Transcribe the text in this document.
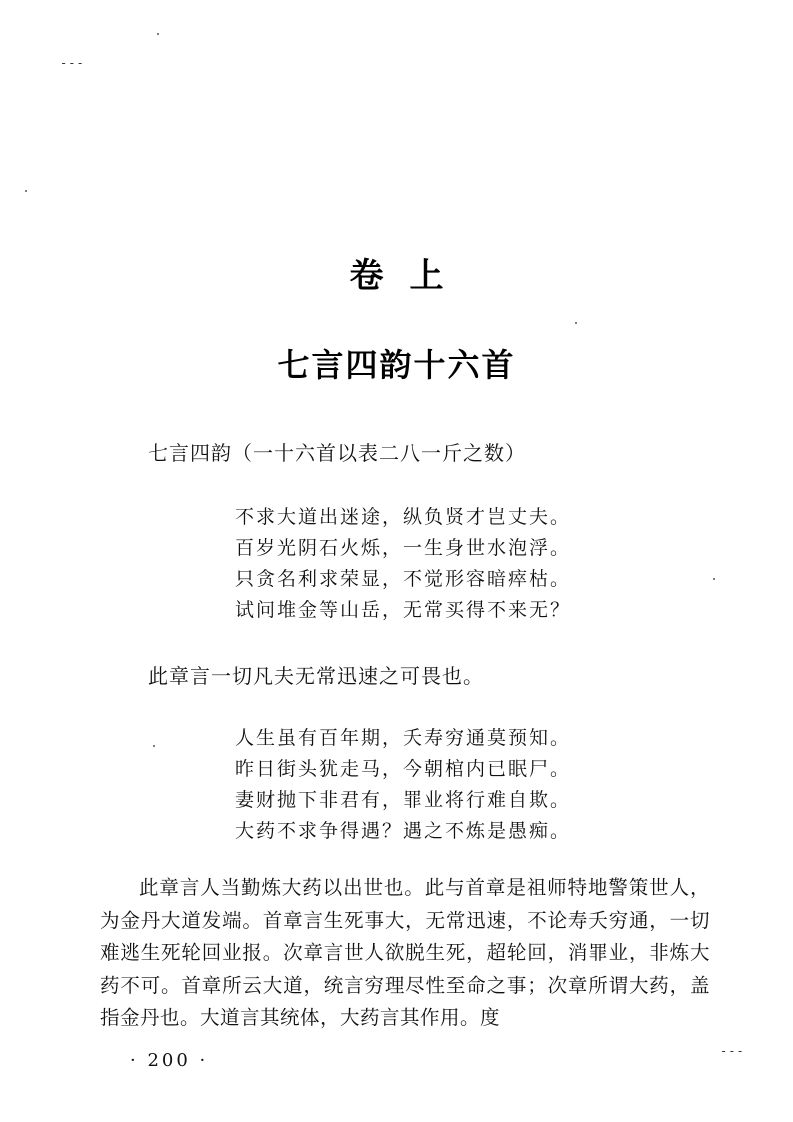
---
---
卷上
七言四韵十六首
七言四韵（一十六首以表二八一斤之数）
不求大道出迷途，纵负贤才岂丈夫。
百岁光阴石火烁，一生身世水泡浮。
只贪名利求荣显，不觉形容暗瘁枯。
试问堆金等山岳，无常买得不来无？
此章言一切凡夫无常迅速之可畏也。
人生虽有百年期，夭寿穷通莫预知。
昨日街头犹走马，今朝棺内已眠尸。
妻财抛下非君有，罪业将行难自欺。
大药不求争得遇？遇之不炼是愚痴。

此章言人当勤炼大药以出世也。此与首章是祖师特地警策世人，为金丹大道发端。首章言生死事大，无常迅速，不论寿夭穷通，一切难逃生死轮回业报。次章言世人欲脱生死，超轮回，消罪业，非炼大药不可。首章所云大道，统言穷理尽性至命之事；次章所谓大药，盖指金丹也。大道言其统体，大药言其作用。度

· 200 ·
